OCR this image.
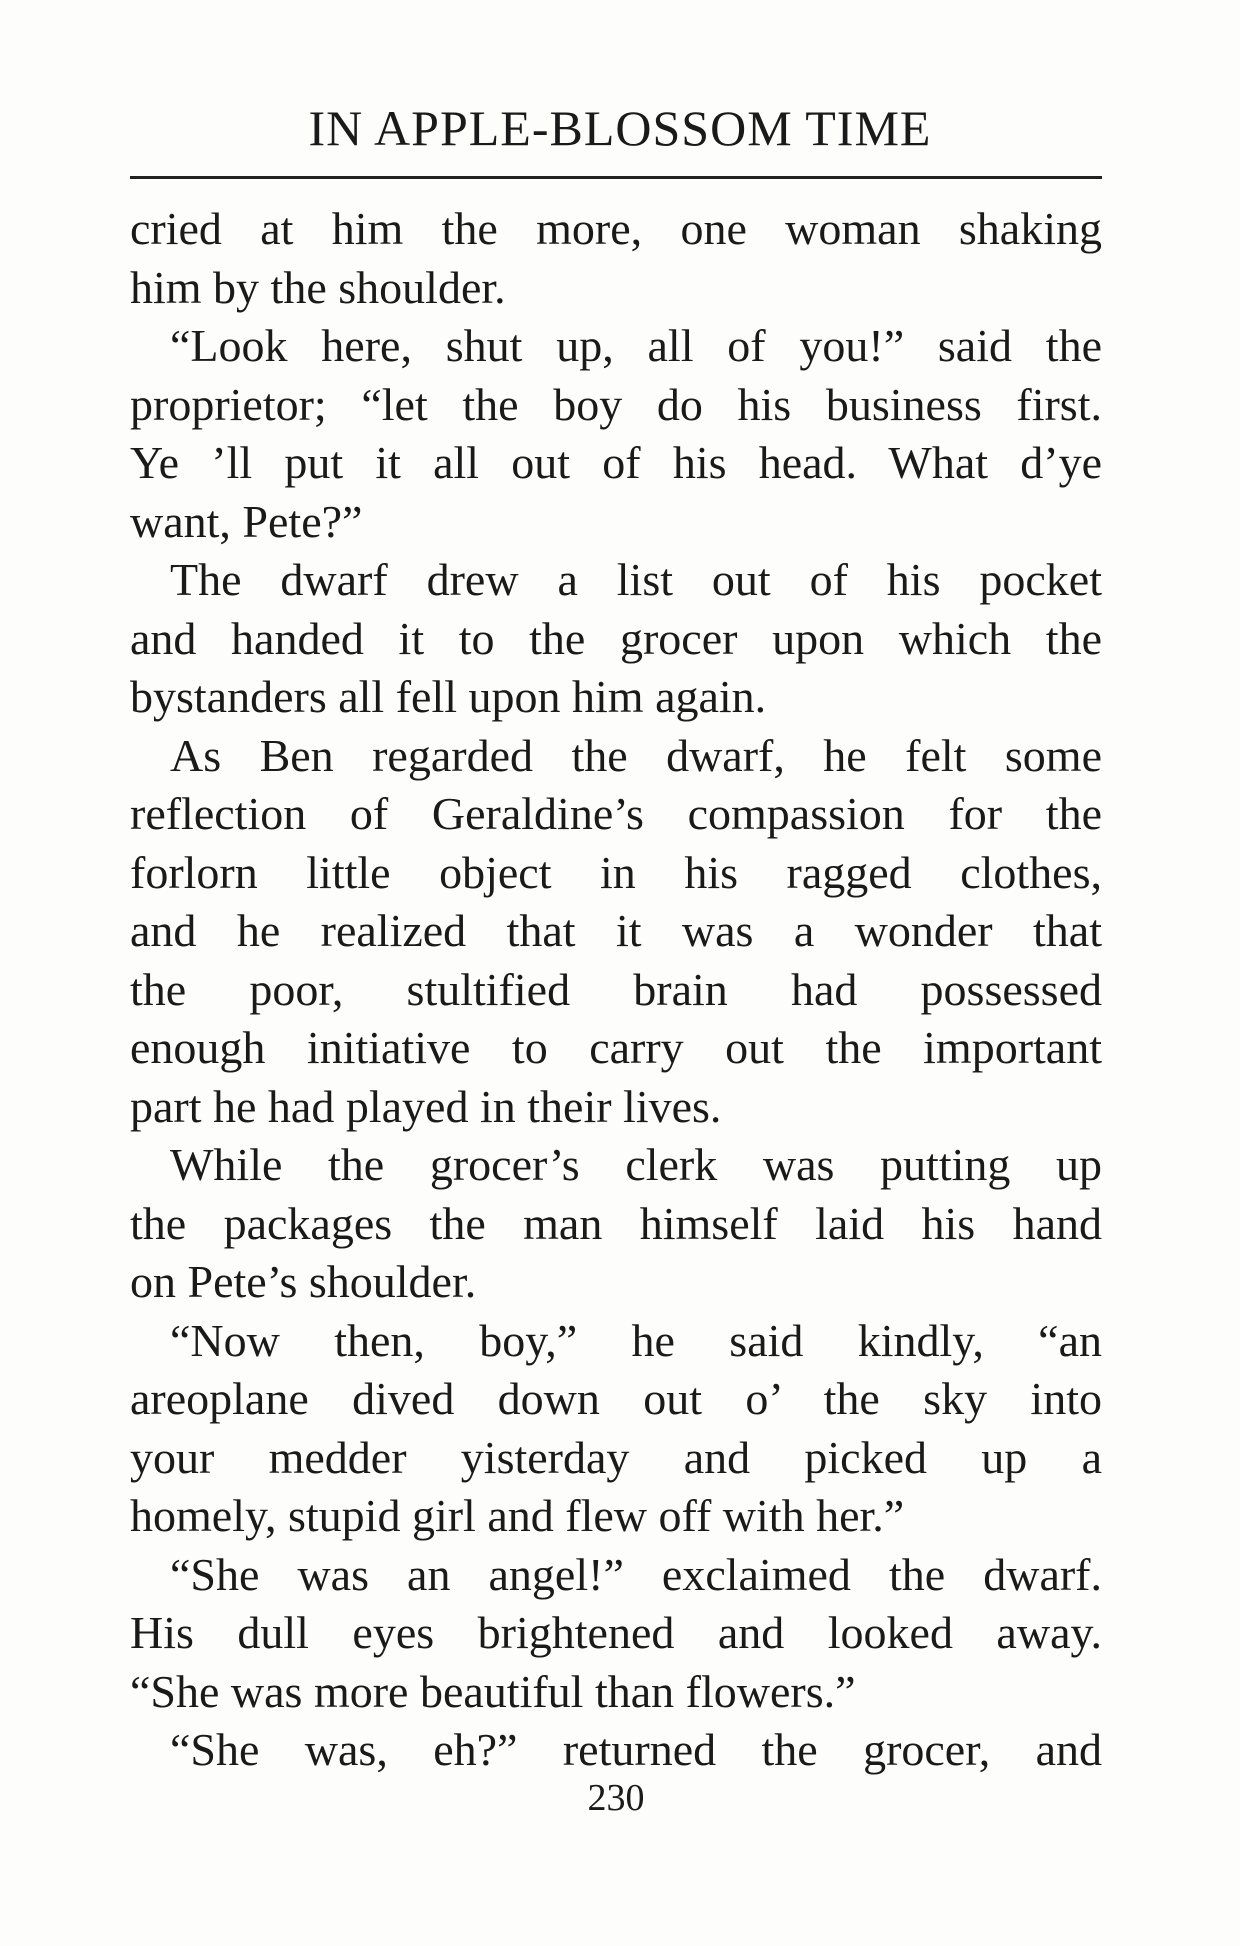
IN APPLE-BLOSSOM TIME
cried at him the more, one woman shaking
him by the shoulder.
“Look here, shut up, all of you!” said the
proprietor; “let the boy do his business first.
Ye ’ll put it all out of his head. What d’ye
want, Pete?”
The dwarf drew a list out of his pocket
and handed it to the grocer upon which the
bystanders all fell upon him again.
As Ben regarded the dwarf, he felt some
reflection of Geraldine’s compassion for the
forlorn little object in his ragged clothes,
and he realized that it was a wonder that
the poor, stultified brain had possessed
enough initiative to carry out the important
part he had played in their lives.
While the grocer’s clerk was putting up
the packages the man himself laid his hand
on Pete’s shoulder.
“Now then, boy,” he said kindly, “an
areoplane dived down out o’ the sky into
your medder yisterday and picked up a
homely, stupid girl and flew off with her.”
“She was an angel!” exclaimed the dwarf.
His dull eyes brightened and looked away.
“She was more beautiful than flowers.”
“She was, eh?” returned the grocer, and
230
